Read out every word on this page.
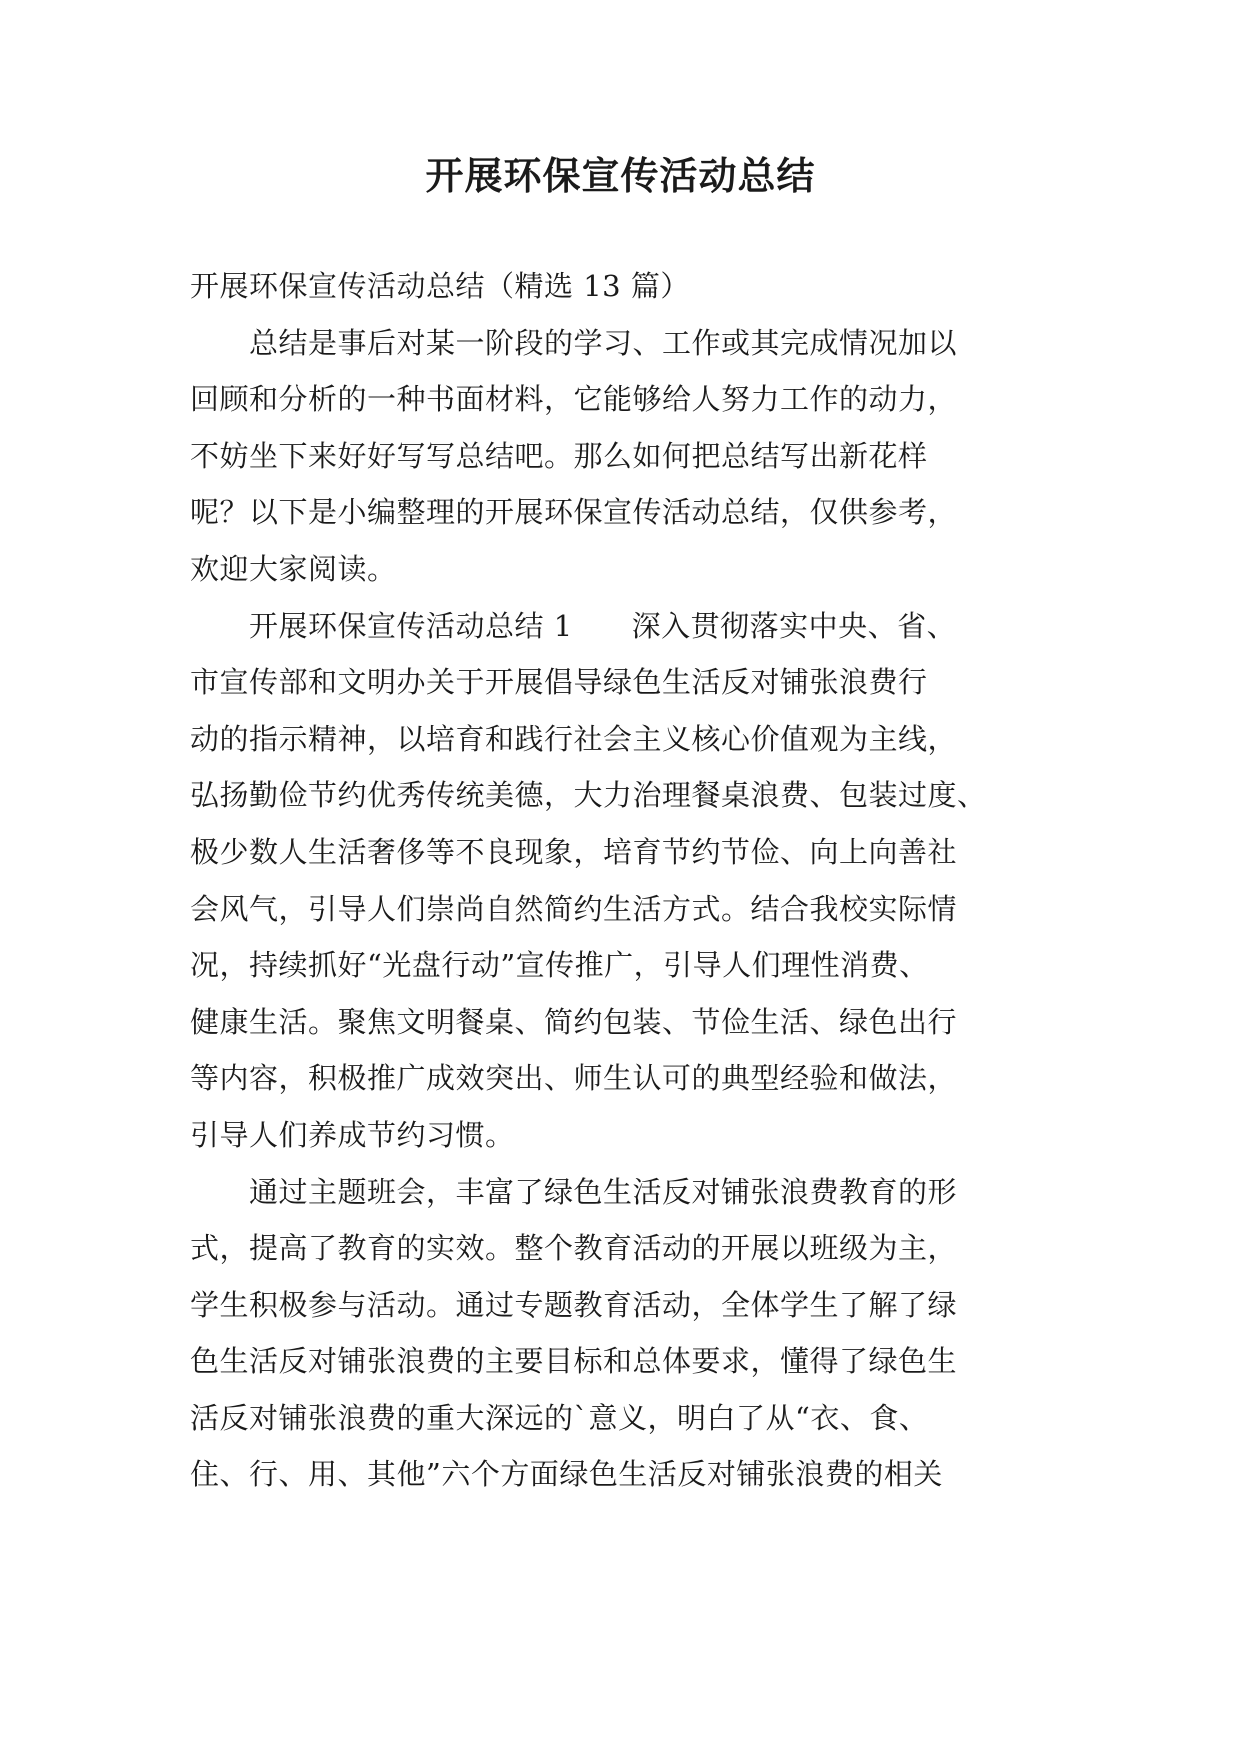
开展环保宣传活动总结

开展环保宣传活动总结（精选 13 篇）

　　总结是事后对某一阶段的学习、工作或其完成情况加以

回顾和分析的一种书面材料，它能够给人努力工作的动力，

不妨坐下来好好写写总结吧。那么如何把总结写出新花样

呢？以下是小编整理的开展环保宣传活动总结，仅供参考，

欢迎大家阅读。

　　开展环保宣传活动总结 1　　深入贯彻落实中央、省、

市宣传部和文明办关于开展倡导绿色生活反对铺张浪费行

动的指示精神，以培育和践行社会主义核心价值观为主线，

弘扬勤俭节约优秀传统美德，大力治理餐桌浪费、包装过度、

极少数人生活奢侈等不良现象，培育节约节俭、向上向善社

会风气，引导人们崇尚自然简约生活方式。结合我校实际情

况，持续抓好“光盘行动”宣传推广，引导人们理性消费、

健康生活。聚焦文明餐桌、简约包装、节俭生活、绿色出行

等内容，积极推广成效突出、师生认可的典型经验和做法，

引导人们养成节约习惯。

　　通过主题班会，丰富了绿色生活反对铺张浪费教育的形

式，提高了教育的实效。整个教育活动的开展以班级为主，

学生积极参与活动。通过专题教育活动，全体学生了解了绿

色生活反对铺张浪费的主要目标和总体要求，懂得了绿色生

活反对铺张浪费的重大深远的`意义，明白了从“衣、食、

住、行、用、其他”六个方面绿色生活反对铺张浪费的相关
